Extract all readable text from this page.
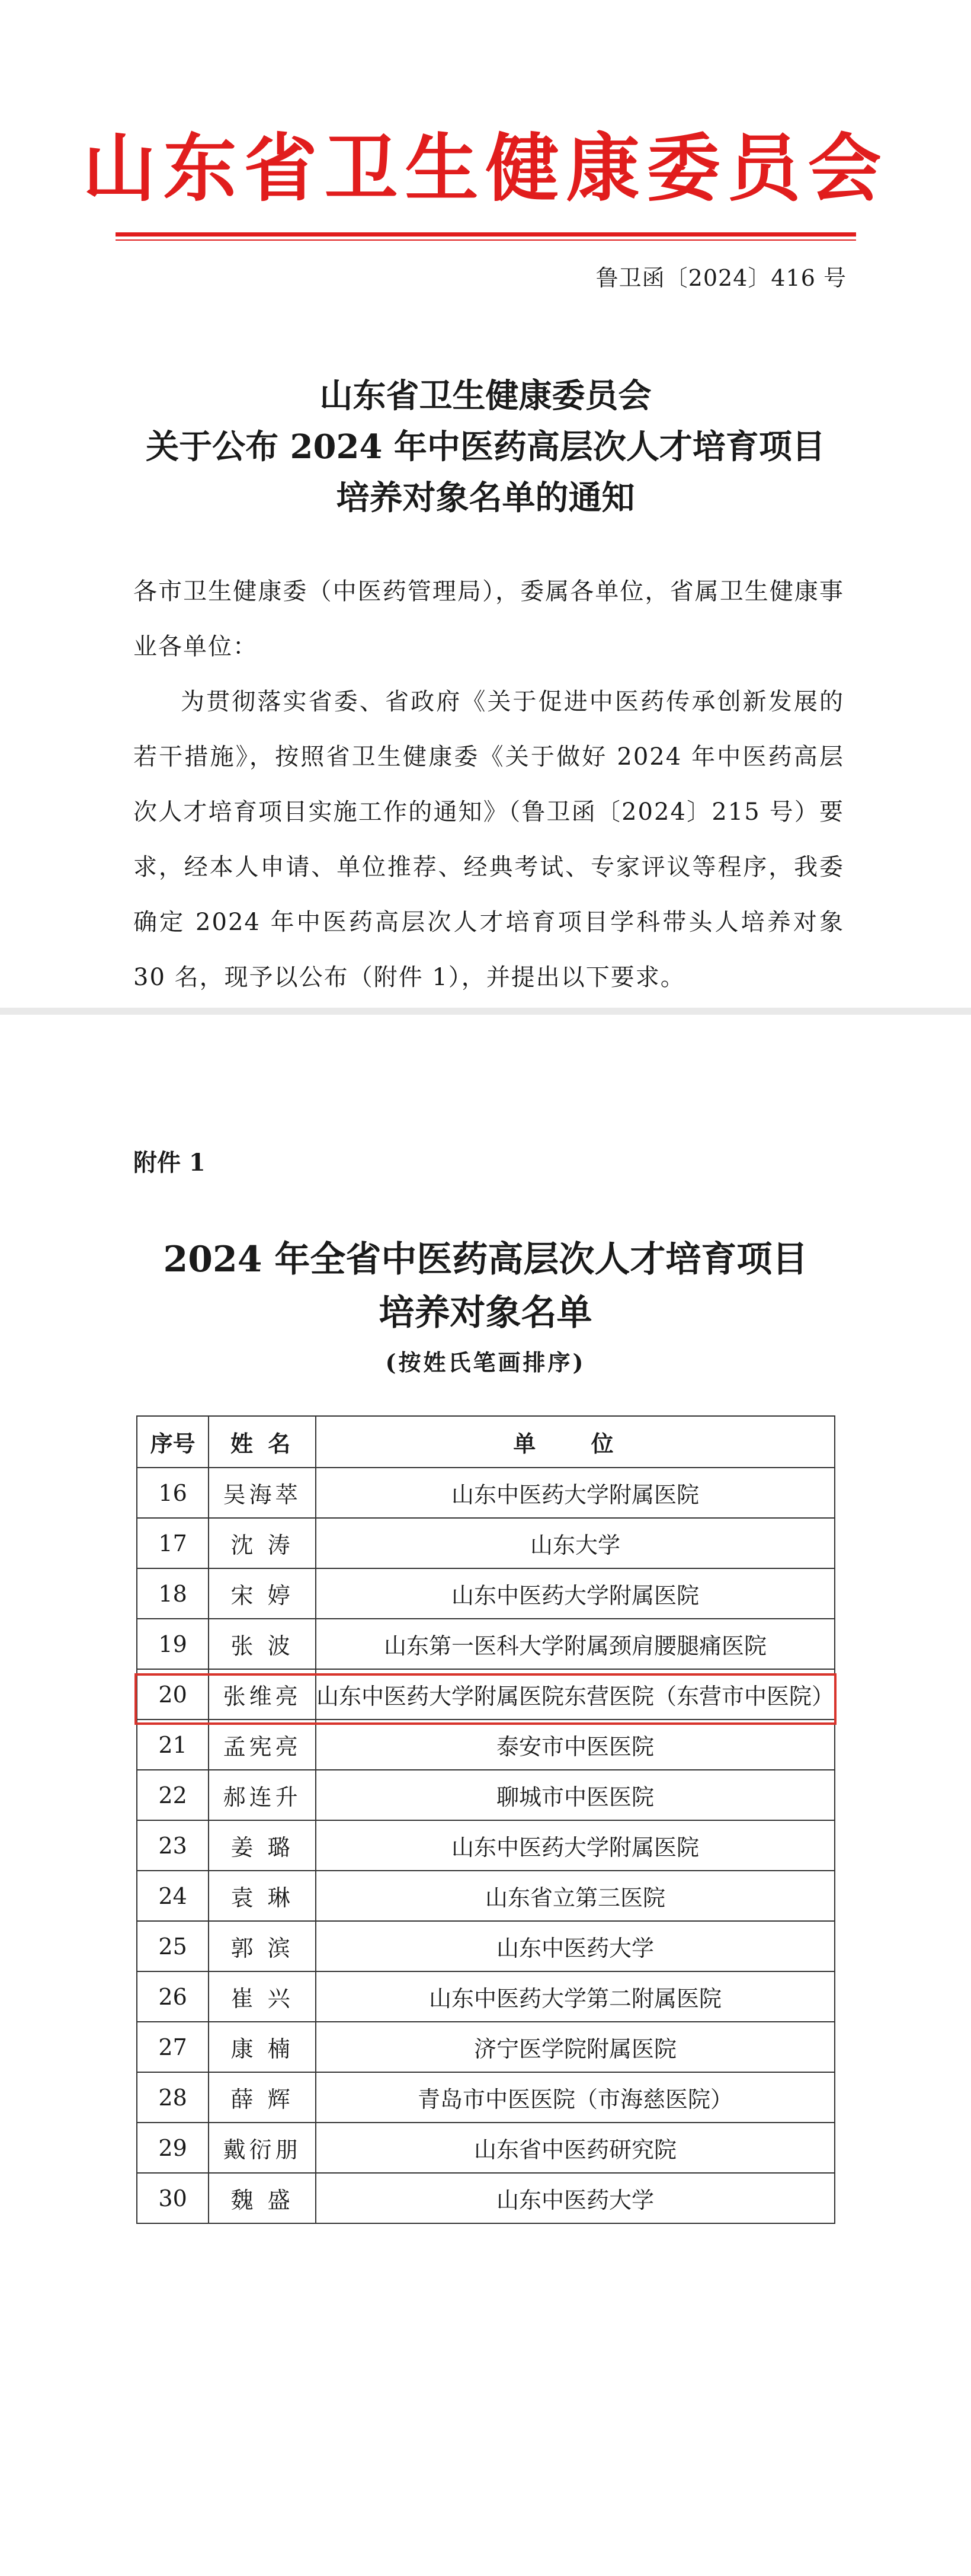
山东省卫生健康委员会
鲁卫函〔2024〕416 号
山东省卫生健康委员会
关于公布 2024 年中医药高层次人才培育项目
培养对象名单的通知

各市卫生健康委（中医药管理局），委属各单位，省属卫生健康事业各单位：

为贯彻落实省委、省政府《关于促进中医药传承创新发展的若干措施》，按照省卫生健康委《关于做好 2024 年中医药高层次人才培育项目实施工作的通知》（鲁卫函〔2024〕215 号）要求，经本人申请、单位推荐、经典考试、专家评议等程序，我委确定 2024 年中医药高层次人才培育项目学科带头人培养对象 30 名，现予以公布（附件 1），并提出以下要求。

附件 1
2024 年全省中医药高层次人才培育项目
培养对象名单
(按姓氏笔画排序)
序号	姓 名	单 位
16	吴海萃	山东中医药大学附属医院
17	沈 涛	山东大学
18	宋 婷	山东中医药大学附属医院
19	张 波	山东第一医科大学附属颈肩腰腿痛医院
20	张维亮	山东中医药大学附属医院东营医院（东营市中医院）
21	孟宪亮	泰安市中医医院
22	郝连升	聊城市中医医院
23	姜 璐	山东中医药大学附属医院
24	袁 琳	山东省立第三医院
25	郭 滨	山东中医药大学
26	崔 兴	山东中医药大学第二附属医院
27	康 楠	济宁医学院附属医院
28	薛 辉	青岛市中医医院（市海慈医院）
29	戴衍朋	山东省中医药研究院
30	魏 盛	山东中医药大学
